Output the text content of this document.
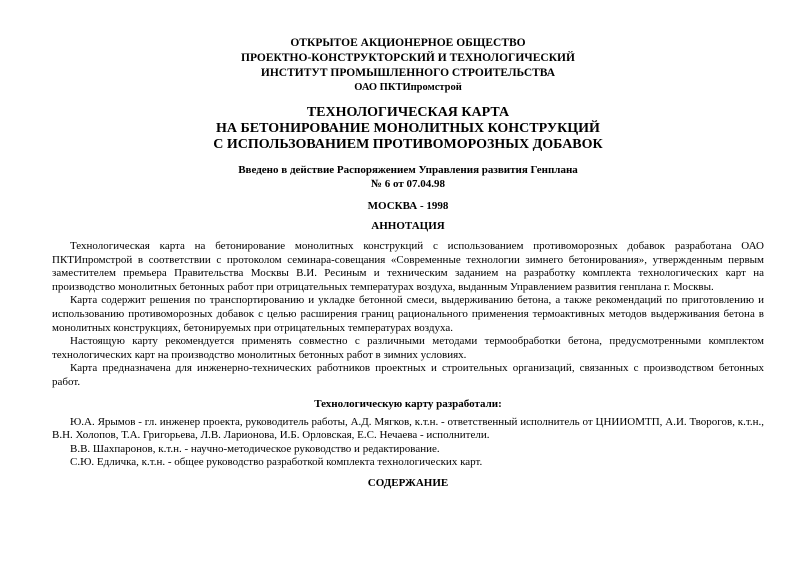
ОТКРЫТОЕ АКЦИОНЕРНОЕ ОБЩЕСТВО
ПРОЕКТНО-КОНСТРУКТОРСКИЙ И ТЕХНОЛОГИЧЕСКИЙ
ИНСТИТУТ ПРОМЫШЛЕННОГО СТРОИТЕЛЬСТВА
ОАО ПКТИпромстрой
ТЕХНОЛОГИЧЕСКАЯ КАРТА
НА БЕТОНИРОВАНИЕ МОНОЛИТНЫХ КОНСТРУКЦИЙ
С ИСПОЛЬЗОВАНИЕМ ПРОТИВОМОРОЗНЫХ ДОБАВОК
Введено в действие Распоряжением Управления развития Генплана
№ 6 от 07.04.98
МОСКВА - 1998
АННОТАЦИЯ

Технологическая карта на бетонирование монолитных конструкций с использованием противоморозных добавок разработана ОАО ПКТИпромстрой в соответствии с протоколом семинара-совещания «Современные технологии зимнего бетонирования», утвержденным первым заместителем премьера Правительства Москвы В.И. Ресиным и техническим заданием на разработку комплекта технологических карт на производство монолитных бетонных работ при отрицательных температурах воздуха, выданным Управлением развития генплана г. Москвы.

Карта содержит решения по транспортированию и укладке бетонной смеси, выдерживанию бетона, а также рекомендаций по приготовлению и использованию противоморозных добавок с целью расширения границ рационального применения термоактивных методов выдерживания бетона в монолитных конструкциях, бетонируемых при отрицательных температурах воздуха.

Настоящую карту рекомендуется применять совместно с различными методами термообработки бетона, предусмотренными комплектом технологических карт на производство монолитных бетонных работ в зимних условиях.

Карта предназначена для инженерно-технических работников проектных и строительных организаций, связанных с производством бетонных работ.

Технологическую карту разработали:

Ю.А. Ярымов - гл. инженер проекта, руководитель работы, А.Д. Мягков, к.т.н. - ответственный исполнитель от ЦНИИОМТП, А.И. Творогов, к.т.н., В.Н. Холопов, Т.А. Григорьева, Л.В. Ларионова, И.Б. Орловская, Е.С. Нечаева - исполнители.

В.В. Шахпаронов, к.т.н. - научно-методическое руководство и редактирование.

С.Ю. Едличка, к.т.н. - общее руководство разработкой комплекта технологических карт.

СОДЕРЖАНИЕ
